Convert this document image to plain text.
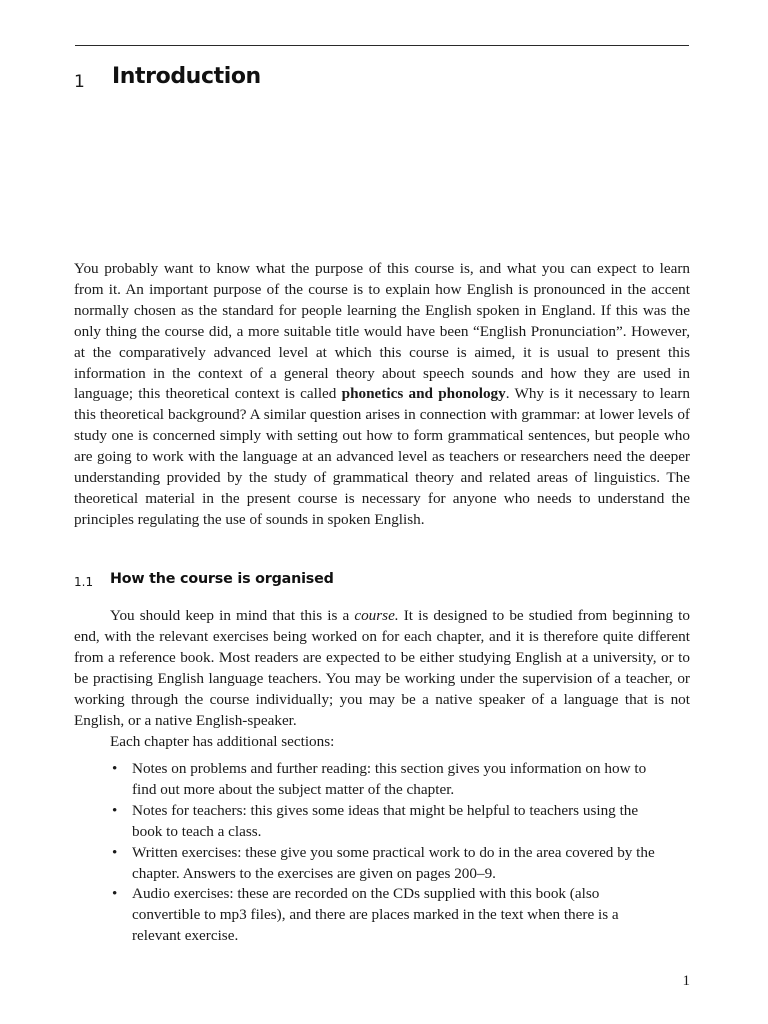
1 Introduction

You probably want to know what the purpose of this course is, and what you can expect to learn from it. An important purpose of the course is to explain how English is pronounced in the accent normally chosen as the standard for people learning the English spoken in England. If this was the only thing the course did, a more suitable title would have been “English Pronunciation”. However, at the comparatively advanced level at which this course is aimed, it is usual to present this information in the context of a general theory about speech sounds and how they are used in language; this theoretical context is called phonetics and phonology. Why is it necessary to learn this theoretical background? A similar question arises in connection with grammar: at lower levels of study one is concerned simply with setting out how to form grammatical sentences, but people who are going to work with the language at an advanced level as teachers or researchers need the deeper understanding provided by the study of grammatical theory and related areas of linguistics. The theoretical material in the present course is necessary for anyone who needs to understand the principles regulating the use of sounds in spoken English.

1.1 How the course is organised

You should keep in mind that this is a course. It is designed to be studied from beginning to end, with the relevant exercises being worked on for each chapter, and it is therefore quite different from a reference book. Most readers are expected to be either studying English at a university, or to be practising English language teachers. You may be working under the supervision of a teacher, or working through the course individually; you may be a native speaker of a language that is not English, or a native English-speaker.

Each chapter has additional sections:

• Notes on problems and further reading: this section gives you information on how to find out more about the subject matter of the chapter.
• Notes for teachers: this gives some ideas that might be helpful to teachers using the book to teach a class.
• Written exercises: these give you some practical work to do in the area covered by the chapter. Answers to the exercises are given on pages 200–9.
• Audio exercises: these are recorded on the CDs supplied with this book (also convertible to mp3 files), and there are places marked in the text when there is a relevant exercise.
1
